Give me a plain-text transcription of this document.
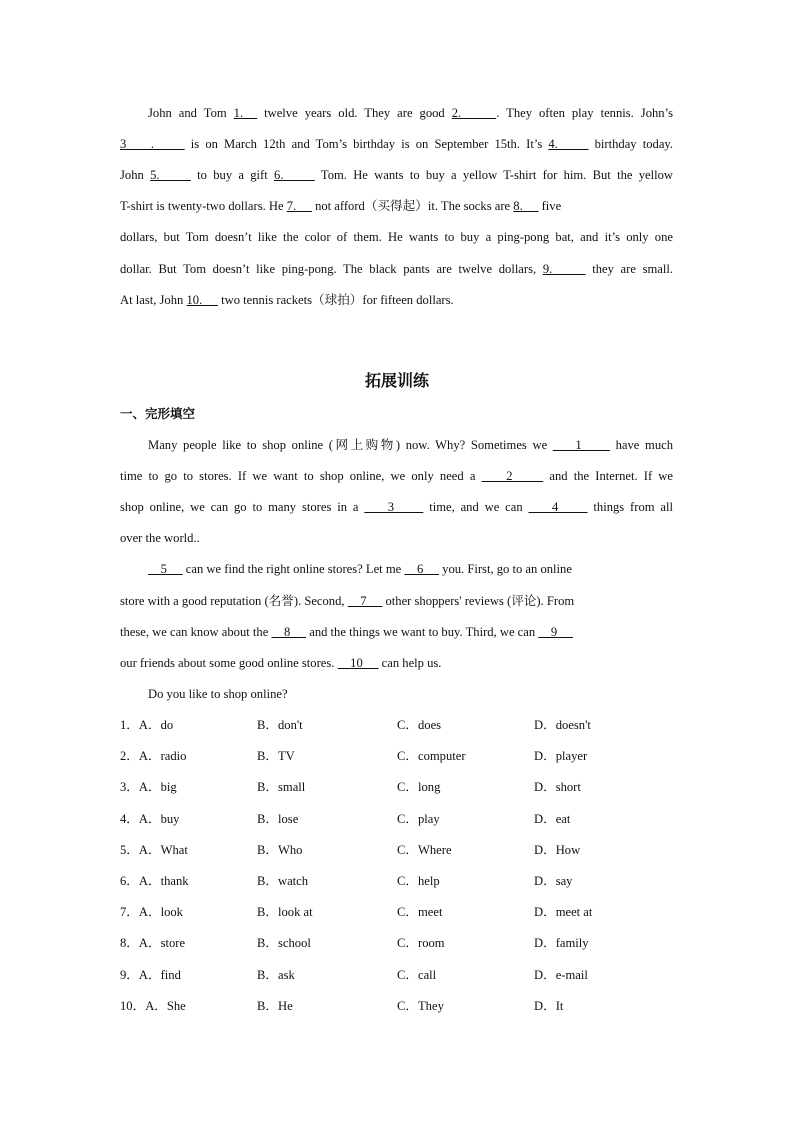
John and Tom 1.   twelve years old. They are good 2.     . They often play tennis. John’s
3    .      is on March 12th and Tom’s birthday is on September 15th. It’s 4.      birthday today.
John 5.      to buy a gift 6.      Tom. He wants to buy a yellow T-shirt for him. But the yellow
T-shirt is twenty-two dollars. He 7.      not afford（买得起）it. The socks are 8.      five
dollars, but Tom doesn’t like the color of them. He wants to buy a ping-pong bat, and it’s only one
dollar. But Tom doesn’t like ping-pong. The black pants are twelve dollars, 9.      they are small.
At last, John 10.      two tennis rackets（球拍）for fifteen dollars.
拓展训练
一、完形填空
Many people like to shop online (网上购物) now. Why? Sometimes we     1      have much
time to go to stores. If we want to shop online, we only need a     2      and the Internet. If we
shop online, we can go to many stores in a     3      time, and we can     4      things from all
over the world..
5      can we find the right online stores? Let me     6      you. First, go to an online
store with a good reputation (名誉). Second,     7      other shoppers' reviews (评论). From
these, we can know about the     8      and the things we want to buy. Third, we can     9
our friends about some good online stores.     10      can help us.
Do you like to shop online?
1．A．do	B．don't	C．does	D．doesn't
2．A．radio	B．TV	C．computer	D．player
3．A．big	B．small	C．long	D．short
4．A．buy	B．lose	C．play	D．eat
5．A．What	B．Who	C．Where	D．How
6．A．thank	B．watch	C．help	D．say
7．A．look	B．look at	C．meet	D．meet at
8．A．store	B．school	C．room	D．family
9．A．find	B．ask	C．call	D．e-mail
10．A．She	B．He	C．They	D．It
